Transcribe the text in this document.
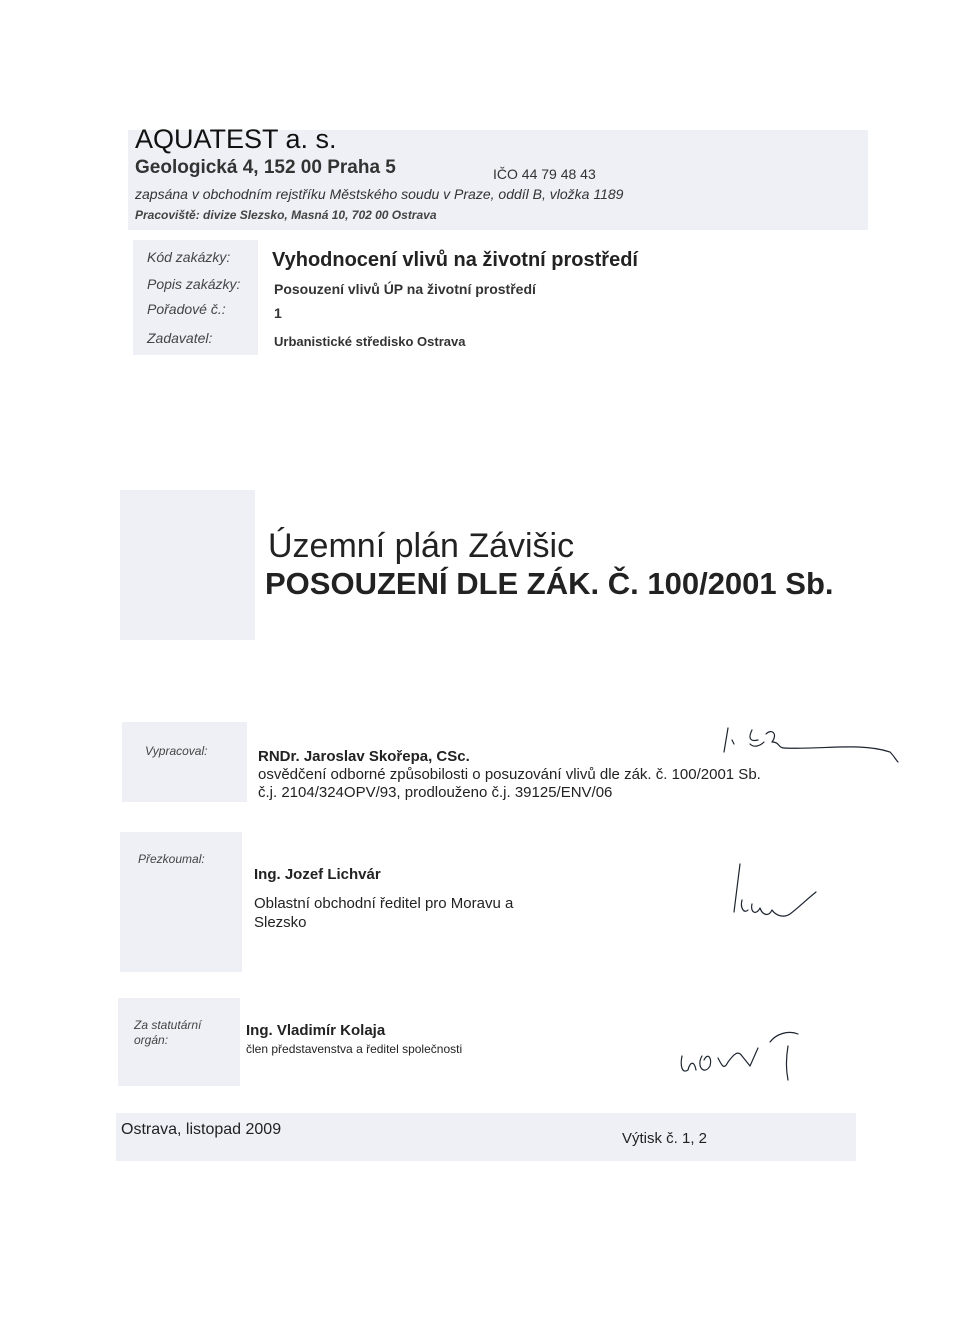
AQUATEST a. s.
Geologická 4, 152 00 Praha 5	IČO 44 79 48 43
zapsána v obchodním rejstříku Městského soudu v Praze, oddíl B, vložka 1189
Pracoviště: divize Slezsko, Masná 10, 702 00 Ostrava
Kód zakázky:
Popis zakázky:
Pořadové č.:
Zadavatel:
Vyhodnocení vlivů na životní prostředí
Posouzení vlivů ÚP na životní prostředí
1
Urbanistické středisko Ostrava
Územní plán Závišic
POSOUZENÍ DLE ZÁK. Č. 100/2001 Sb.
Vypracoval:	RNDr. Jaroslav Skořepa, CSc.
osvědčení odborné způsobilosti o posuzování vlivů dle zák. č. 100/2001 Sb.
č.j. 2104/324OPV/93, prodlouženo č.j. 39125/ENV/06
Přezkoumal:
Ing. Jozef Lichvár
Oblastní obchodní ředitel pro Moravu a Slezsko
Za statutární orgán:
Ing. Vladimír Kolaja
člen představenstva a ředitel společnosti
Ostrava, listopad 2009
Výtisk č. 1, 2
